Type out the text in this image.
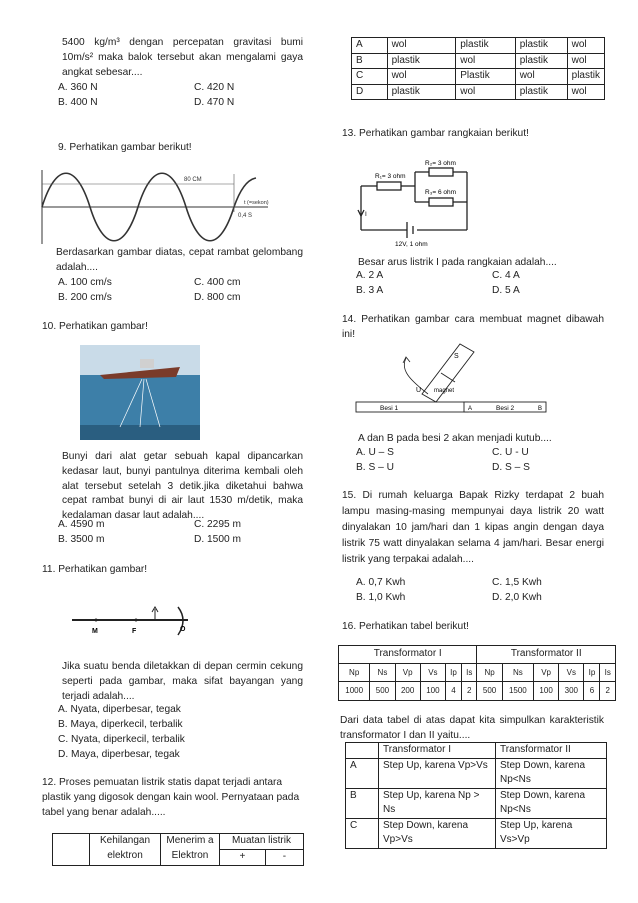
5400 kg/m³ dengan percepatan gravitasi bumi 10m/s² maka balok tersebut akan mengalami gaya angkat sebesar....
A. 360 N	C. 420 N
B. 400 N	D. 470 N
9. Perhatikan gambar berikut!
80 CM
t (=sekon)
0,4 S
Berdasarkan gambar diatas, cepat rambat gelombang adalah....
A. 100 cm/s	C. 400 cm
B. 200 cm/s	D. 800 cm
10. Perhatikan gambar!
Bunyi dari alat getar sebuah kapal dipancarkan kedasar laut, bunyi pantulnya diterima kembali oleh alat tersebut setelah 3 detik.jika diketahui bahwa cepat rambat bunyi di air laut 1530 m/detik, maka kedalaman dasar laut adalah....
A. 4590 m	C. 2295 m
B. 3500 m	D. 1500 m
11. Perhatikan gambar!
M	F	O
Jika suatu benda diletakkan di depan cermin cekung seperti pada gambar, maka sifat bayangan yang terjadi adalah....
A. Nyata, diperbesar, tegak
B. Maya, diperkecil, terbalik
C. Nyata, diperkecil, terbalik
D. Maya, diperbesar, tegak
12. Proses pemuatan listrik statis dapat terjadi antara plastik yang digosok dengan kain wool. Pernyataan pada tabel yang benar adalah.....
	Kehilangan elektron	Menerim a Elektron	Muatan listrik	
			+	-
A	wol	plastik	plastik	wol
B	plastik	wol	plastik	wol
C	wol	Plastik	wol	plastik
D	plastik	wol	plastik	wol
13. Perhatikan gambar rangkaian berikut!
R₁= 3 ohm
R₂= 3 ohm
R₃= 6 ohm
I
12V, 1 ohm
Besar arus listrik I pada rangkaian adalah....
A. 2 A	C. 4 A
B. 3 A	D. 5 A
14. Perhatikan gambar cara membuat magnet dibawah ini!
S
U magnet
Besi 1	A	Besi 2	B
A dan B pada besi 2 akan menjadi kutub....
A. U – S	C. U - U
B. S – U	D. S – S
15. Di rumah keluarga Bapak Rizky terdapat 2 buah lampu masing-masing mempunyai daya listrik 20 watt dinyalakan 10 jam/hari dan 1 kipas angin dengan daya listrik 75 watt dinyalakan selama 4 jam/hari. Besar energi listrik yang terpakai adalah....
A. 0,7 Kwh	C. 1,5 Kwh
B. 1,0 Kwh	D. 2,0 Kwh
16. Perhatikan tabel berikut!
Transformator I						Transformator II					
Np	Ns	Vp	Vs	Ip	Is	Np	Ns	Vp	Vs	Ip	Is
1000	500	200	100	4	2	500	1500	100	300	6	2
Dari data tabel di atas dapat kita simpulkan karakteristik transformator I dan II yaitu....
	Transformator I	Transformator II
A	Step Up, karena Vp>Vs	Step Down, karena Np<Ns
B	Step Up, karena Np > Ns	Step Down, karena Np<Ns
C	Step Down, karena Vp>Vs	Step Up, karena Vs>Vp
